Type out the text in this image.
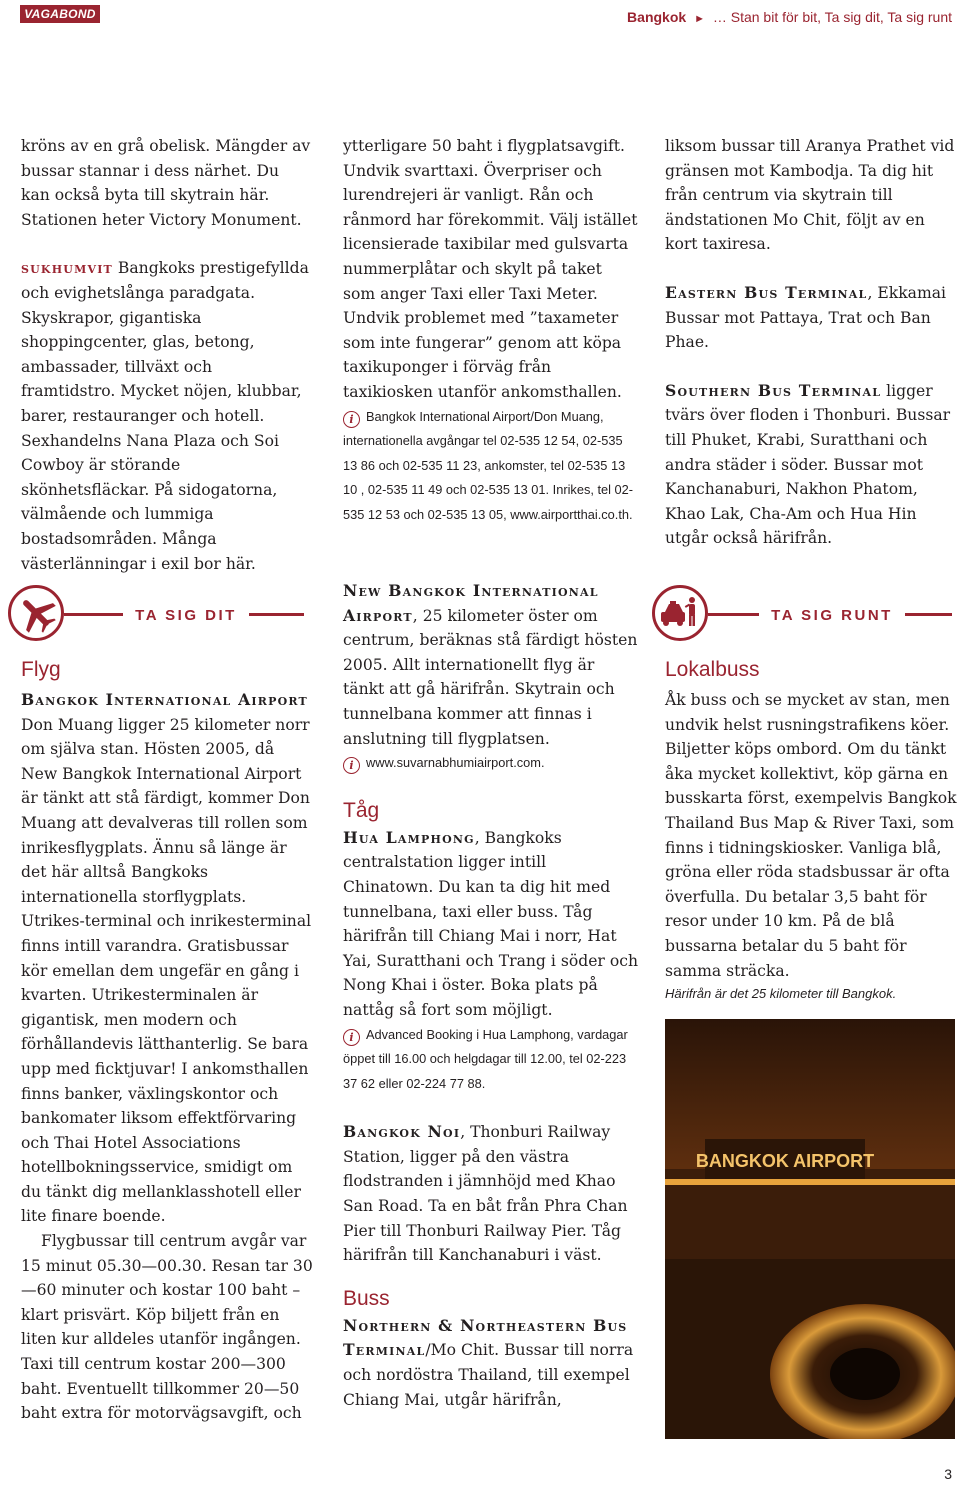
VAGABOND	Bangkok ► … Stan bit för bit, Ta sig dit, Ta sig runt

kröns av en grå obelisk. Mängder av bussar stannar i dess närhet. Du kan också byta till skytrain här. Stationen heter Victory Monument.

sukhumvit Bangkoks prestigefyllda och evighetslånga paradgata. Skyskrapor, gigantiska shoppingcenter, glas, betong, ambassader, tillväxt och framtidstro. Mycket nöjen, klubbar, barer, restauranger och hotell. Sexhandelns Nana Plaza och Soi Cowboy är störande skönhetsfläckar. På sidogatorna, välmående och lummiga bostadsområden. Många västerlänningar i exil bor här.

ytterligare 50 baht i flygplatsavgift. Undvik svarttaxi. Överpriser och lurendrejeri är vanligt. Rån och rånmord har förekommit. Välj istället licensierade taxibilar med gulsvarta nummerplåtar och skylt på taket som anger Taxi eller Taxi Meter. Undvik problemet med ”taxameter som inte fungerar” genom att köpa taxikuponger i förväg från taxikiosken utanför ankomsthallen.

i Bangkok International Airport/Don Muang, internationella avgångar tel 02-535 12 54, 02-535 13 86 och 02-535 11 23, ankomster, tel 02-535 13 10 , 02-535 11 49 och 02-535 13 01. Inrikes, tel 02-535 12 53 och 02-535 13 05, www.airportthai.co.th.

liksom bussar till Aranya Prathet vid gränsen mot Kambodja. Ta dig hit från centrum via skytrain till ändstationen Mo Chit, följt av en kort taxiresa.

Eastern Bus Terminal, Ekkamai Bussar mot Pattaya, Trat och Ban Phae.

Southern Bus Terminal ligger tvärs över floden i Thonburi. Bussar till Phuket, Krabi, Suratthani och andra städer i söder. Bussar mot Kanchanaburi, Nakhon Phatom, Khao Lak, Cha-Am och Hua Hin utgår också härifrån.

TA SIG DIT	TA SIG RUNT

Flyg

Bangkok International Airport Don Muang ligger 25 kilometer norr om själva stan. Hösten 2005, då New Bangkok International Airport är tänkt att stå färdigt, kommer Don Muang att devalveras till rollen som inrikesflygplats. Ännu så länge är det här alltså Bangkoks internationella storflygplats. Utrikes-terminal och inrikesterminal finns intill varandra. Gratisbussar kör emellan dem ungefär en gång i kvarten. Utrikesterminalen är gigantisk, men modern och förhållandevis lätthanterlig. Se bara upp med ficktjuvar! I ankomsthallen finns banker, växlingskontor och bankomater liksom effektförvaring och Thai Hotel Associations hotellbokningsservice, smidigt om du tänkt dig mellanklasshotell eller lite finare boende.

Flygbussar till centrum avgår var 15 minut 05.30—00.30. Resan tar 30—60 minuter och kostar 100 baht – klart prisvärt. Köp biljett från en liten kur alldeles utanför ingången. Taxi till centrum kostar 200—300 baht. Eventuellt tillkommer 20—50 baht extra för motorvägsavgift, och

New Bangkok International Airport, 25 kilometer öster om centrum, beräknas stå färdigt hösten 2005. Allt internationellt flyg är tänkt att gå härifrån. Skytrain och tunnelbana kommer att finnas i anslutning till flygplatsen.

i www.suvarnabhumiairport.com.

Tåg

Hua Lamphong, Bangkoks centralstation ligger intill Chinatown. Du kan ta dig hit med tunnelbana, taxi eller buss. Tåg härifrån till Chiang Mai i norr, Hat Yai, Suratthani och Trang i söder och Nong Khai i öster. Boka plats på nattåg så fort som möjligt.

i Advanced Booking i Hua Lamphong, vardagar öppet till 16.00 och helgdagar till 12.00, tel 02-223 37 62 eller 02-224 77 88.

Bangkok Noi, Thonburi Railway Station, ligger på den västra flodstranden i jämnhöjd med Khao San Road. Ta en båt från Phra Chan Pier till Thonburi Railway Pier. Tåg härifrån till Kanchanaburi i väst.

Buss

Northern & Northeastern Bus Terminal/Mo Chit. Bussar till norra och nordöstra Thailand, till exempel Chiang Mai, utgår härifrån,

Lokalbuss

Åk buss och se mycket av stan, men undvik helst rusningstrafikens köer. Biljetter köps ombord. Om du tänkt åka mycket kollektivt, köp gärna en busskarta först, exempelvis Bangkok Thailand Bus Map & River Taxi, som finns i tidningskiosker. Vanliga blå, gröna eller röda stadsbussar är ofta överfulla. Du betalar 3,5 baht för resor under 10 km. På de blå bussarna betalar du 5 baht för samma sträcka.

Härifrån är det 25 kilometer till Bangkok.
BANGKOK AIRPORT
3
